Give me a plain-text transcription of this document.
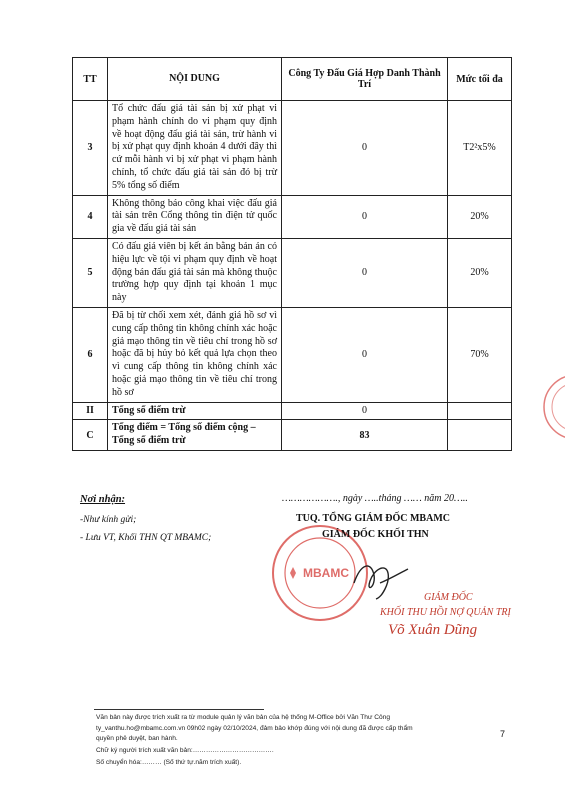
TT	NỘI DUNG	Công Ty Đấu Giá Hợp Danh Thành Trí	Mức tối đa
3	Tổ chức đấu giá tài sản bị xử phạt vi phạm hành chính do vi phạm quy định về hoạt động đấu giá tài sản, trừ hành vi bị xử phạt quy định khoản 4 dưới đây thì cứ mỗi hành vi bị xử phạt vi phạm hành chính, tổ chức đấu giá tài sản đó bị trừ 5% tổng số điểm	0	T2²x5%
4	Không thông báo công khai việc đấu giá tài sản trên Cổng thông tin điện tử quốc gia về đấu giá tài sản	0	20%
5	Có đấu giá viên bị kết án bằng bản án có hiệu lực về tội vi phạm quy định về hoạt động bán đấu giá tài sản mà không thuộc trường hợp quy định tại khoản 1 mục này	0	20%
6	Đã bị từ chối xem xét, đánh giá hồ sơ vì cung cấp thông tin không chính xác hoặc giả mạo thông tin về tiêu chí trong hồ sơ hoặc đã bị hủy bỏ kết quả lựa chọn theo vì cung cấp thông tin không chính xác hoặc giả mạo thông tin về tiêu chí trong hồ sơ	0	70%
II	Tổng số điểm trừ	0	
C	Tổng điểm = Tổng số điểm cộng – Tổng số điểm trừ	83	
Nơi nhận:
-Như kính gửi;
- Lưu VT, Khối THN QT MBAMC;
………………., ngày …..tháng …… năm 20…..
MBAMC
TUQ. TỔNG GIÁM ĐỐC MBAMC
GIÁM ĐỐC KHỐI THN
GIÁM ĐỐC
KHỐI THU HỒI NỢ QUẢN TRỊ
Võ Xuân Dũng
Văn bản này được trích xuất ra từ module quản lý văn bản của hệ thống M-Office bởi Văn Thư Công
ty_vanthu.ho@mbamc.com.vn 09h02 ngày 02/10/2024, đảm bảo khớp đúng với nội dung đã được cấp thẩm
quyền phê duyệt, ban hành.
Chữ ký người trích xuất văn bản:……………………………….
Số chuyển hóa:……… (Số thứ tự.năm trích xuất).
7
